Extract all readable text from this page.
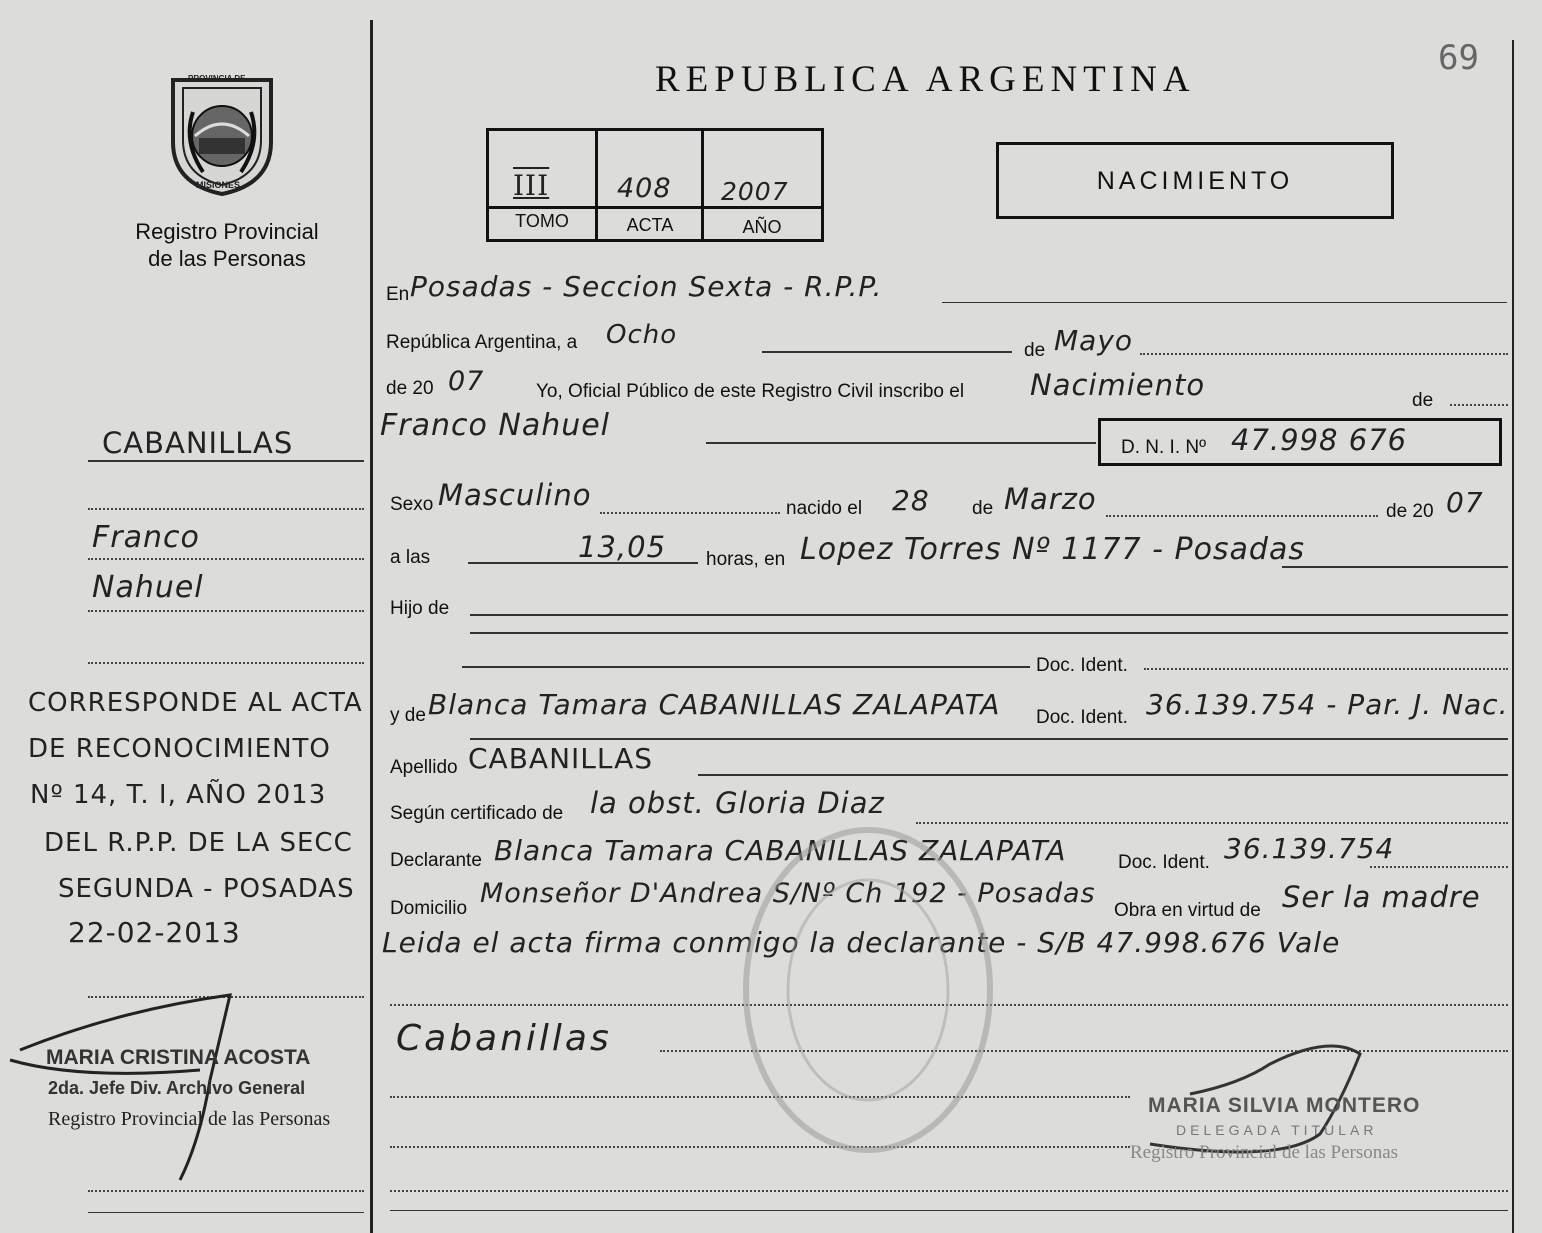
69
PROVINCIA DE
MISIONES
Registro Provincial
de las Personas
REPUBLICA ARGENTINA
III	408 2007
TOMO	ACTA	AÑO
NACIMIENTO
En Posadas - Seccion Sexta - R.P.P.
República Argentina, a Ocho
de Mayo
de 20 07	Yo, Oficial Público de este Registro Civil inscribo el Nacimiento	de
Franco Nahuel
D. N. I. Nº 47.998 676
Sexo Masculino	nacido el 28 de Marzo	de 20 07
a las	13,05 horas, en Lopez Torres Nº 1177 - Posadas
Hijo de
Doc. Ident.
y de Blanca Tamara CABANILLAS ZALAPATA Doc. Ident. 36.139.754 - Par. J. Nac.
Apellido CABANILLAS
Según certificado de la obst. Gloria Diaz
Declarante Blanca Tamara CABANILLAS ZALAPATA	Doc. Ident. 36.139.754
Domicilio Monseñor D'Andrea S/Nº Ch 192 - Posadas
Obra en virtud de Ser la madre
Leida el acta firma conmigo la declarante - S/B 47.998.676 Vale
Cabanillas
MARIA SILVIA MONTERO
DELEGADA TITULAR
Registro Provincial de las Personas
CABANILLAS
Franco
Nahuel
CORRESPONDE AL ACTA
DE RECONOCIMIENTO
Nº 14, T. I, AÑO 2013
DEL R.P.P. DE LA SECC
SEGUNDA - POSADAS
22-02-2013
MARIA CRISTINA ACOSTA
2da. Jefe Div. Archivo General
Registro Provincial de las Personas
